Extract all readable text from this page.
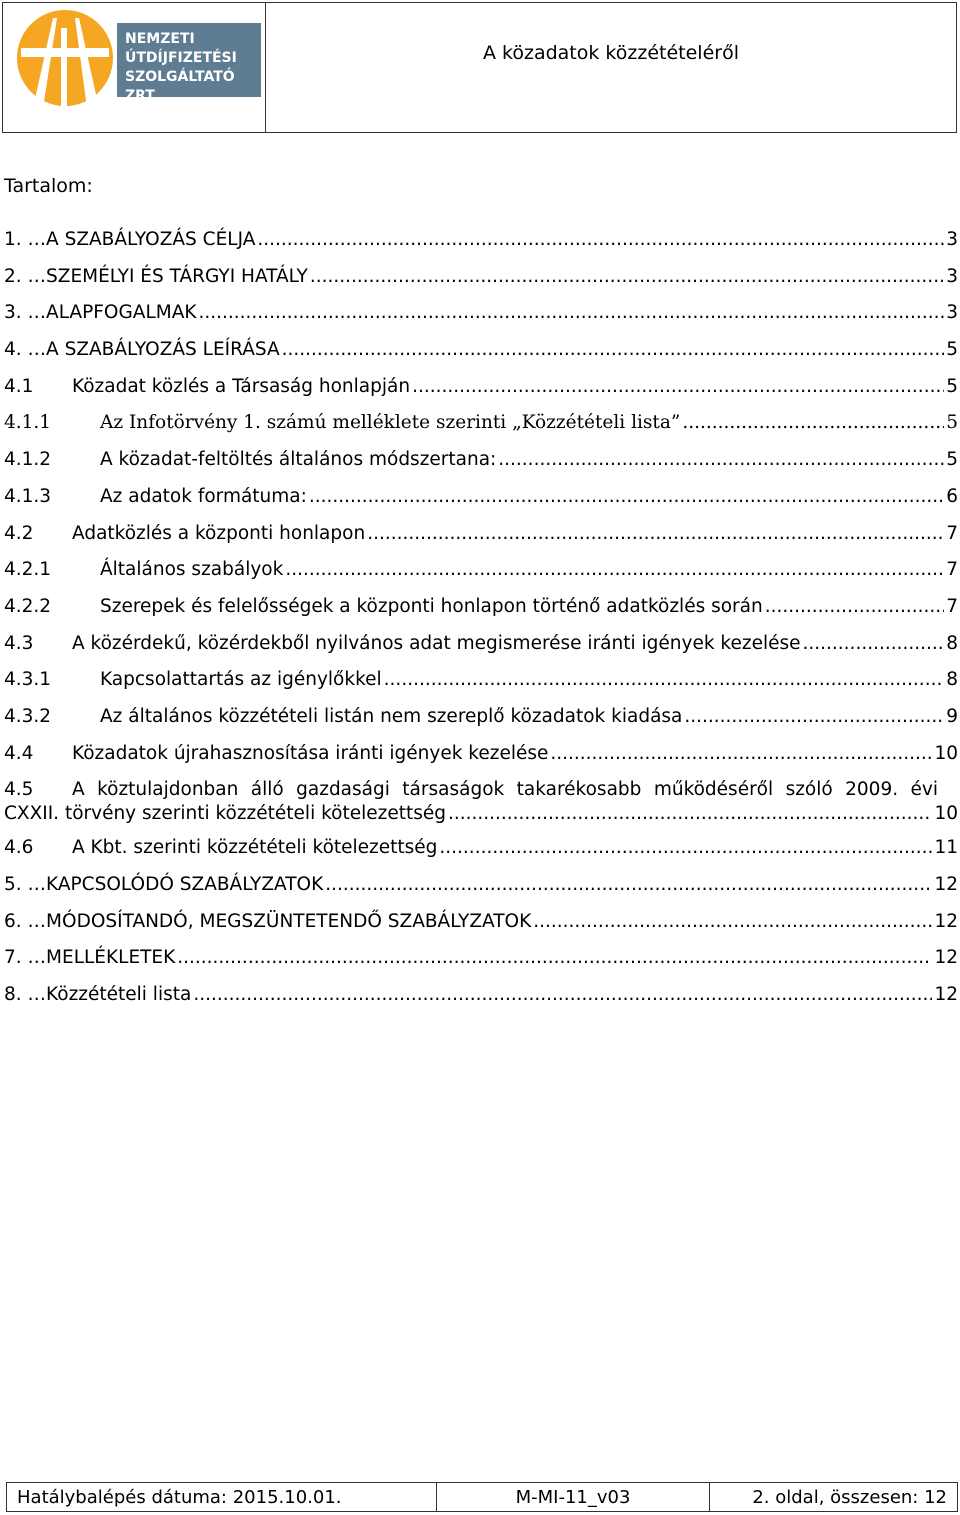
NEMZETI
ÚTDÍJFIZETÉSI
SZOLGÁLTATÓ ZRT.
A közadatok közzétételéről
Tartalom:
1. … A SZABÁLYOZÁS CÉLJA .....	3
2. … SZEMÉLYI ÉS TÁRGYI HATÁLY .....	3
3. … ALAPFOGALMAK .....	3
4. … A SZABÁLYOZÁS LEÍRÁSA .....	5
4.1	Közadat közlés a Társaság honlapján .....	5
4.1.1	Az Infotörvény 1. számú melléklete szerinti „Közzétételi lista” .....	5
4.1.2	A közadat-feltöltés általános módszertana: .....	5
4.1.3	Az adatok formátuma: .....	6
4.2	Adatközlés a központi honlapon .....	7
4.2.1	Általános szabályok .....	7
4.2.2	Szerepek és felelősségek a központi honlapon történő adatközlés során .....	7
4.3	A közérdekű, közérdekből nyilvános adat megismerése iránti igények kezelése .....	8
4.3.1	Kapcsolattartás az igénylőkkel .....	8
4.3.2	Az általános közzétételi listán nem szereplő közadatok kiadása .....	9
4.4	Közadatok újrahasznosítása iránti igények kezelése .....	10
4.5	A köztulajdonban álló gazdasági társaságok takarékosabb működéséről szóló 2009. évi
CXXII. törvény szerinti közzétételi kötelezettség .....	10
4.6	A Kbt. szerinti közzétételi kötelezettség .....	11
5. … KAPCSOLÓDÓ SZABÁLYZATOK .....	12
6. … MÓDOSÍTANDÓ, MEGSZÜNTETENDŐ SZABÁLYZATOK .....	12
7. … MELLÉKLETEK .....	12
8. … Közzétételi lista .....	12
Hatálybalépés dátuma: 2015.10.01.	M-MI-11_v03	2. oldal, összesen: 12
